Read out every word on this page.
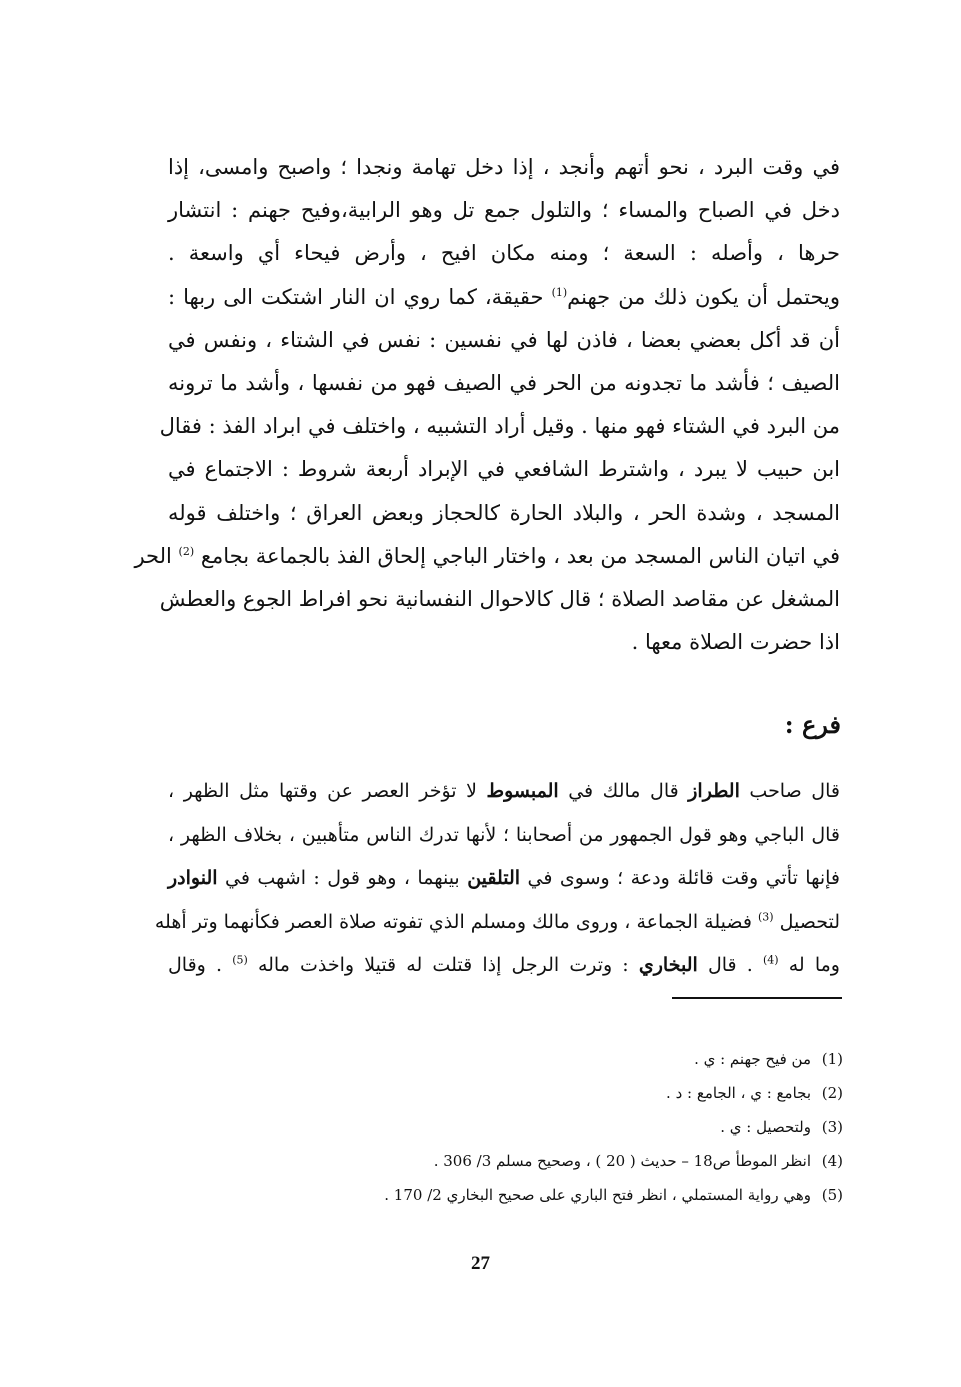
في وقت البرد ، نحو أتهم وأنجد ، إذا دخل تهامة ونجدا ؛ واصبح وامسى، إذا
دخل في الصباح والمساء ؛ والتلول جمع تل وهو الرابية،وفيح جهنم : انتشار
حرها ، وأصله : السعة ؛ ومنه مكان افيح ، وأرض فيحاء أي واسعة .
ويحتمل أن يكون ذلك من جهنم$^{(1)}$ حقيقة، كما روي ان النار اشتكت الى ربها :
أن قد أكل بعضي بعضا ، فاذن لها في نفسين : نفس في الشتاء ، ونفس في
الصيف ؛ فأشد ما تجدونه من الحر في الصيف فهو من نفسها ، وأشد ما ترونه
من البرد في الشتاء فهو منها . وقيل أراد التشبيه ، واختلف في ابراد الفذ : فقال
ابن حبيب لا يبرد ، واشترط الشافعي في الإبراد أربعة شروط : الاجتماع في
المسجد ، وشدة الحر ، والبلاد الحارة كالحجاز وبعض العراق ؛ واختلف قوله
في اتيان الناس المسجد من بعد ، واختار الباجي إلحاق الفذ بالجماعة بجامع $^{(2)}$ الحر
المشغل عن مقاصد الصلاة ؛ قال كالاحوال النفسانية نحو افراط الجوع والعطش
اذا حضرت الصلاة معها .
فرع :
قال صاحب الطراز قال مالك في المبسوط لا تؤخر العصر عن وقتها مثل الظهر ،
قال الباجي وهو قول الجمهور من أصحابنا ؛ لأنها تدرك الناس متأهبين ، بخلاف الظهر ،
فإنها تأتي وقت قائلة ودعة ؛ وسوى في التلقين بينهما ، وهو قول : اشهب في النوادر
لتحصيل $^{(3)}$ فضيلة الجماعة ، وروى مالك ومسلم الذي تفوته صلاة العصر فكأنهما وتر أهله
وما له $^{(4)}$ . قال البخاري : وترت الرجل إذا قتلت له قتيلا واخذت ماله $^{(5)}$ . وقال
(1)من فيح جهنم : ي .
(2)بجامع : ي ، الجامع : د .
(3)ولتحصيل : ي .
(4)انظر الموطأ ص18 – حديث ( 20 ) ، وصحيح مسلم 3/ 306 .
(5)وهي رواية المستملي ، انظر فتح الباري على صحيح البخاري 2/ 170 .
27
